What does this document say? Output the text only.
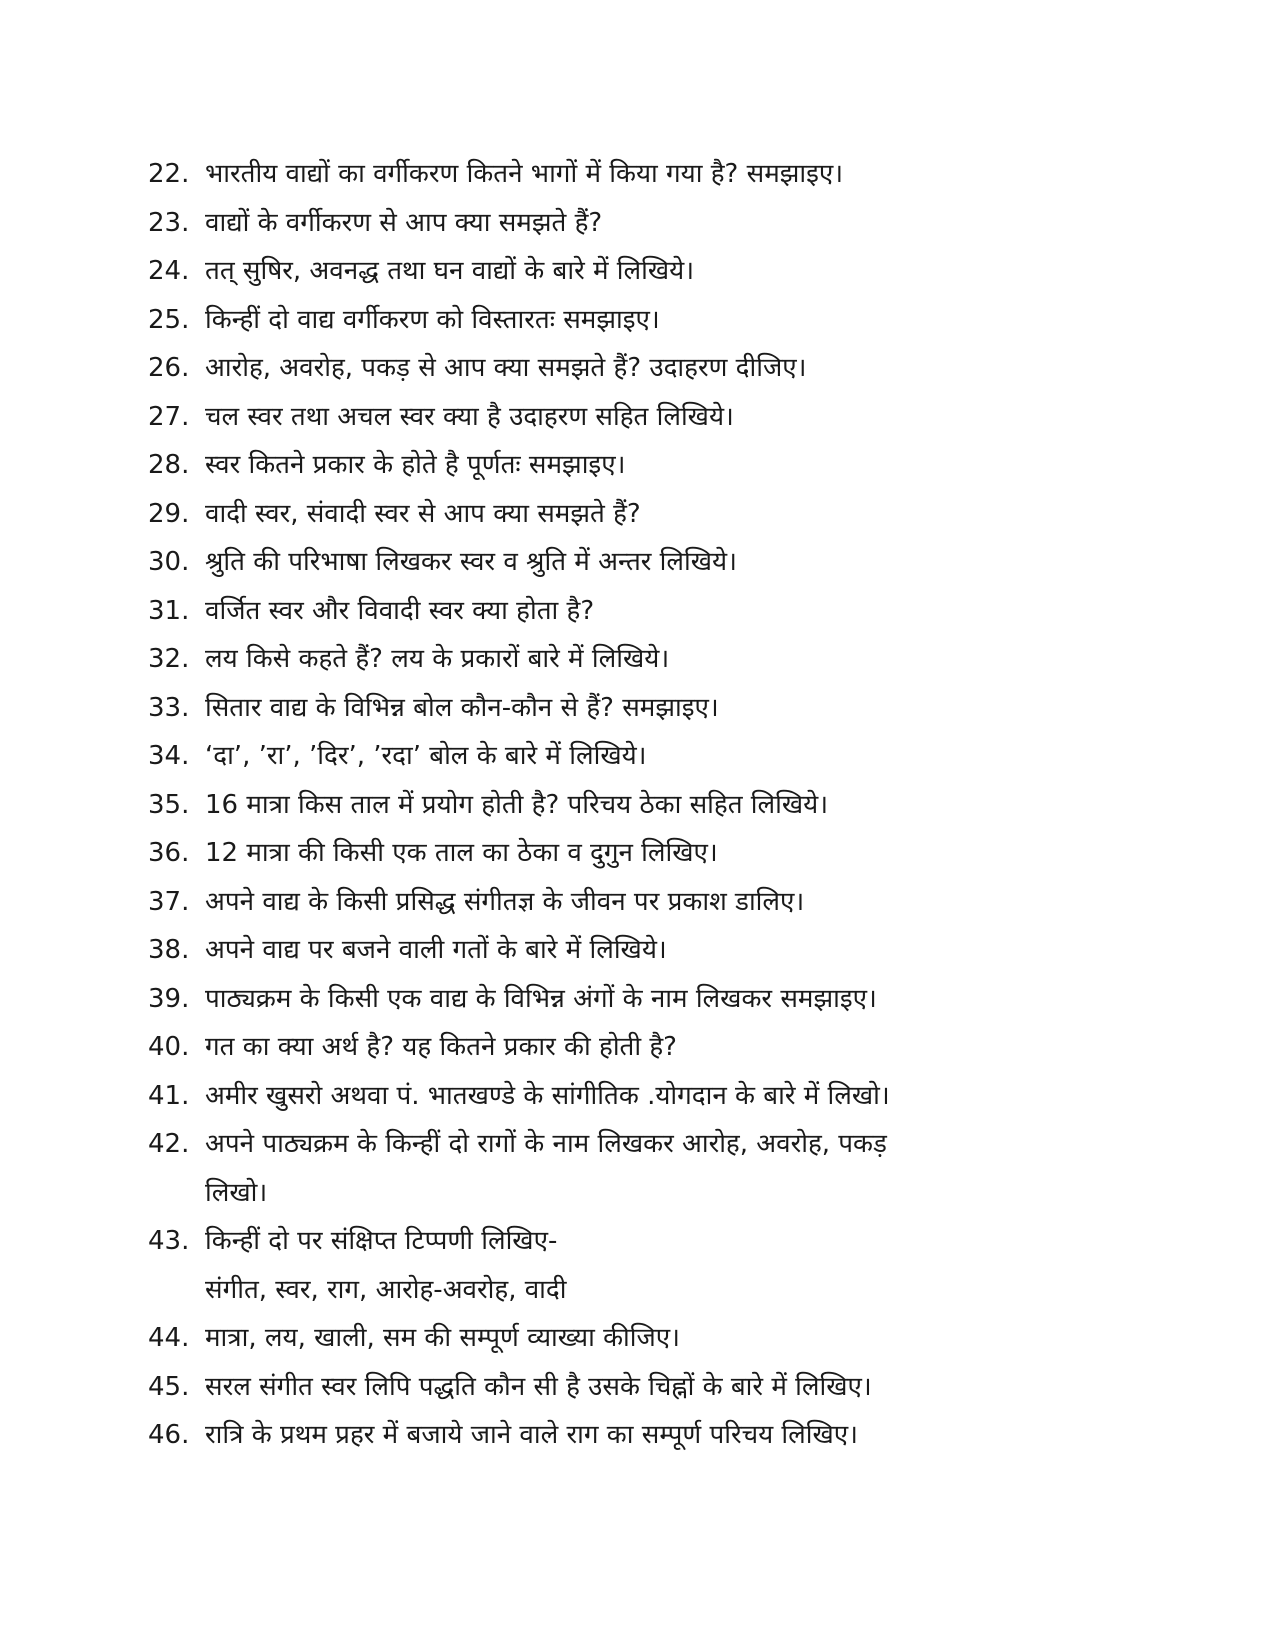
22. भारतीय वाद्यों का वर्गीकरण कितने भागों में किया गया है? समझाइए।
23. वाद्यों के वर्गीकरण से आप क्या समझते हैं?
24. तत् सुषिर, अवनद्ध तथा घन वाद्यों के बारे में लिखिये।
25. किन्हीं दो वाद्य वर्गीकरण को विस्तारतः समझाइए।
26. आरोह, अवरोह, पकड़ से आप क्या समझते हैं? उदाहरण दीजिए।
27. चल स्वर तथा अचल स्वर क्या है उदाहरण सहित लिखिये।
28. स्वर कितने प्रकार के होते है पूर्णतः समझाइए।
29. वादी स्वर, संवादी स्वर से आप क्या समझते हैं?
30. श्रुति की परिभाषा लिखकर स्वर व श्रुति में अन्तर लिखिये।
31. वर्जित स्वर और विवादी स्वर क्या होता है?
32. लय किसे कहते हैं? लय के प्रकारों बारे में लिखिये।
33. सितार वाद्य के विभिन्न बोल कौन-कौन से हैं? समझाइए।
34. ‘दा’, ’रा’, ’दिर’, ’रदा’ बोल के बारे में लिखिये।
35. 16 मात्रा किस ताल में प्रयोग होती है? परिचय ठेका सहित लिखिये।
36. 12 मात्रा की किसी एक ताल का ठेका व दुगुन लिखिए।
37. अपने वाद्य के किसी प्रसिद्ध संगीतज्ञ के जीवन पर प्रकाश डालिए।
38. अपने वाद्य पर बजने वाली गतों के बारे में लिखिये।
39. पाठ्यक्रम के किसी एक वाद्य के विभिन्न अंगों के नाम लिखकर समझाइए।
40. गत का क्या अर्थ है? यह कितने प्रकार की होती है?
41. अमीर खुसरो अथवा पं. भातखण्डे के सांगीतिक .योगदान के बारे में लिखो।
42. अपने पाठ्यक्रम के किन्हीं दो रागों के नाम लिखकर आरोह, अवरोह, पकड़
लिखो।
43. किन्हीं दो पर संक्षिप्त टिप्पणी लिखिए-
संगीत, स्वर, राग, आरोह-अवरोह, वादी
44. मात्रा, लय, खाली, सम की सम्पूर्ण व्याख्या कीजिए।
45. सरल संगीत स्वर लिपि पद्धति कौन सी है उसके चिह्नों के बारे में लिखिए।
46. रात्रि के प्रथम प्रहर में बजाये जाने वाले राग का सम्पूर्ण परिचय लिखिए।
